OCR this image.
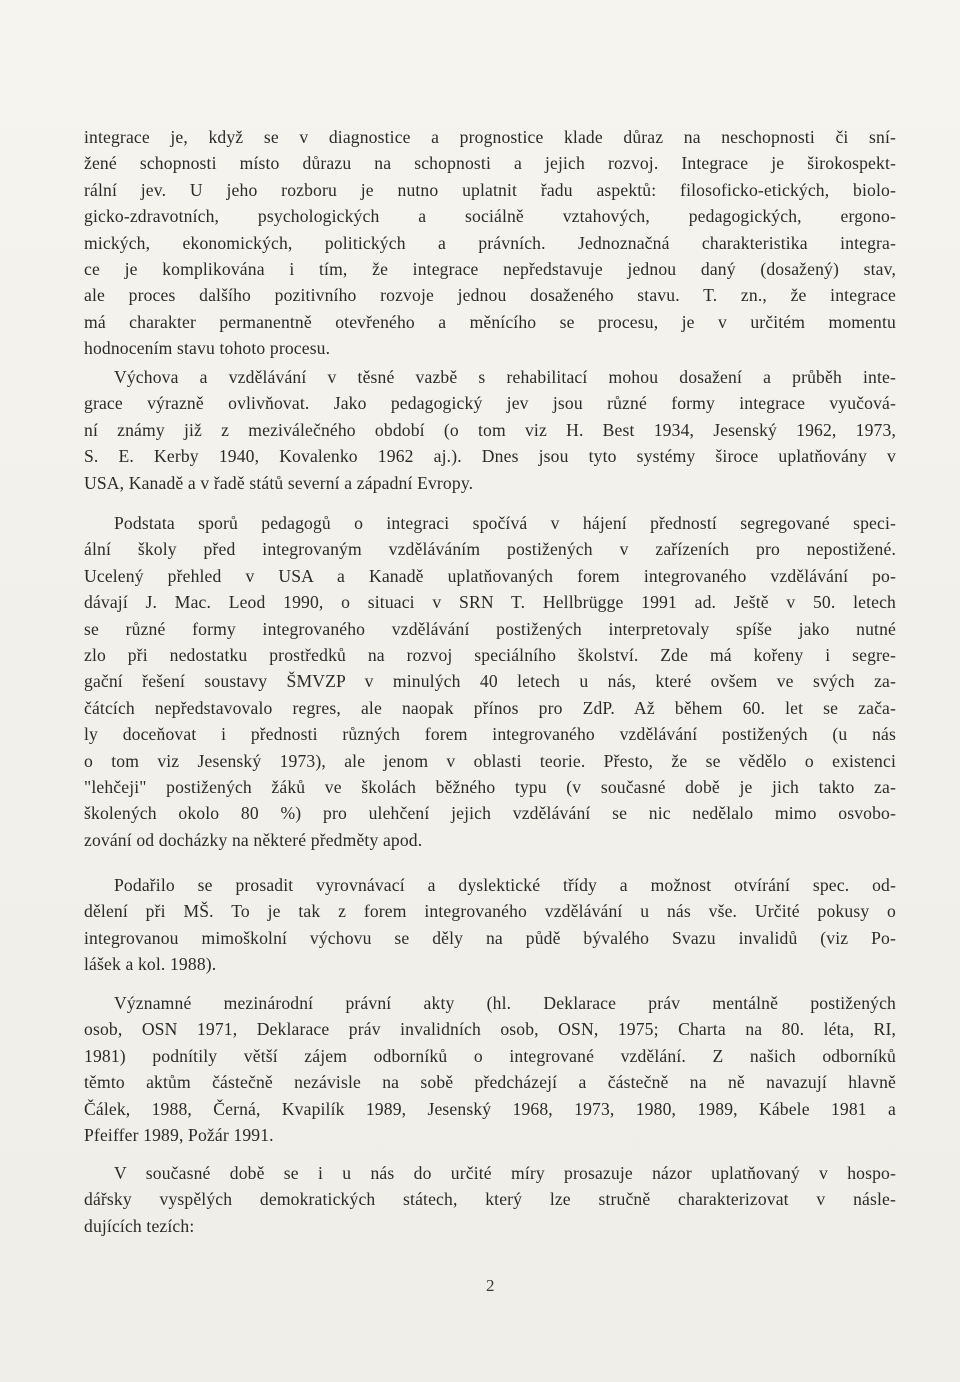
integrace je, když se v diagnostice a prognostice klade důraz na neschopnosti či sní-
žené schopnosti místo důrazu na schopnosti a jejich rozvoj. Integrace je širokospekt-
rální jev. U jeho rozboru je nutno uplatnit řadu aspektů: filosoficko-etických, biolo-
gicko-zdravotních, psychologických a sociálně vztahových, pedagogických, ergono-
mických, ekonomických, politických a právních. Jednoznačná charakteristika integra-
ce je komplikována i tím, že integrace nepředstavuje jednou daný (dosažený) stav,
ale proces dalšího pozitivního rozvoje jednou dosaženého stavu. T. zn., že integrace
má charakter permanentně otevřeného a měnícího se procesu, je v určitém momentu
hodnocením stavu tohoto procesu.
Výchova a vzdělávání v těsné vazbě s rehabilitací mohou dosažení a průběh inte-
grace výrazně ovlivňovat. Jako pedagogický jev jsou různé formy integrace vyučová-
ní známy již z meziválečného období (o tom viz H. Best 1934, Jesenský 1962, 1973,
S. E. Kerby 1940, Kovalenko 1962 aj.). Dnes jsou tyto systémy široce uplatňovány v
USA, Kanadě a v řadě států severní a západní Evropy.
Podstata sporů pedagogů o integraci spočívá v hájení předností segregované speci-
ální školy před integrovaným vzděláváním postižených v zařízeních pro nepostižené.
Ucelený přehled v USA a Kanadě uplatňovaných forem integrovaného vzdělávání po-
dávají J. Mac. Leod 1990, o situaci v SRN T. Hellbrügge 1991 ad. Ještě v 50. letech
se různé formy integrovaného vzdělávání postižených interpretovaly spíše jako nutné
zlo při nedostatku prostředků na rozvoj speciálního školství. Zde má kořeny i segre-
gační řešení soustavy ŠMVZP v minulých 40 letech u nás, které ovšem ve svých za-
čátcích nepředstavovalo regres, ale naopak přínos pro ZdP. Až během 60. let se začа-
ly doceňovat i přednosti různých forem integrovaného vzdělávání postižených (u nás
o tom viz Jesenský 1973), ale jenom v oblasti teorie. Přesto, že se vědělo o existenci
"lehčeji" postižených žáků ve školách běžného typu (v současné době je jich takto za-
školených okolo 80 %) pro ulehčení jejich vzdělávání se nic nedělalo mimo osvobo-
zování od docházky na některé předměty apod.
Podařilo se prosadit vyrovnávací a dyslektické třídy a možnost otvírání spec. od-
dělení při MŠ. To je tak z forem integrovaného vzdělávání u nás vše. Určité pokusy o
integrovanou mimoškolní výchovu se děly na půdě bývalého Svazu invalidů (viz Po-
lášek a kol. 1988).
Významné mezinárodní právní akty (hl. Deklarace práv mentálně postižených
osob, OSN 1971, Deklarace práv invalidních osob, OSN, 1975; Charta na 80. léta, RI,
1981) podnítily větší zájem odborníků o integrované vzdělání. Z našich odborníků
těmto aktům částečně nezávisle na sobě předcházejí a částečně na ně navazují hlavně
Čálek, 1988, Černá, Kvapilík 1989, Jesenský 1968, 1973, 1980, 1989, Kábele 1981 a
Pfeiffer 1989, Požár 1991.
V současné době se i u nás do určité míry prosazuje názor uplatňovaný v hospo-
dářsky vyspělých demokratických státech, který lze stručně charakterizovat v násle-
dujících tezích:
2
